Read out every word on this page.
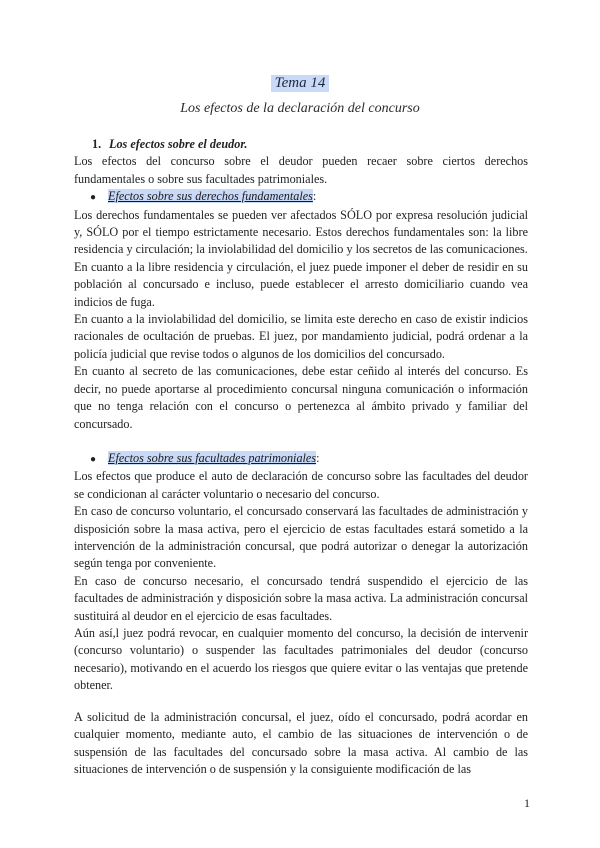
Tema 14
Los efectos de la declaración del concurso

1. Los efectos sobre el deudor.

Los efectos del concurso sobre el deudor pueden recaer sobre ciertos derechos fundamentales o sobre sus facultades patrimoniales.

● Efectos sobre sus derechos fundamentales:

Los derechos fundamentales se pueden ver afectados SÓLO por expresa resolución judicial y, SÓLO por el tiempo estrictamente necesario. Estos derechos fundamentales son: la libre residencia y circulación; la inviolabilidad del domicilio y los secretos de las comunicaciones.

En cuanto a la libre residencia y circulación, el juez puede imponer el deber de residir en su población al concursado e incluso, puede establecer el arresto domiciliario cuando vea indicios de fuga.

En cuanto a la inviolabilidad del domicilio, se limita este derecho en caso de existir indicios racionales de ocultación de pruebas. El juez, por mandamiento judicial, podrá ordenar a la policía judicial que revise todos o algunos de los domicilios del concursado.

En cuanto al secreto de las comunicaciones, debe estar ceñido al interés del concurso. Es decir, no puede aportarse al procedimiento concursal ninguna comunicación o información que no tenga relación con el concurso o pertenezca al ámbito privado y familiar del concursado.

● Efectos sobre sus facultades patrimoniales:

Los efectos que produce el auto de declaración de concurso sobre las facultades del deudor se condicionan al carácter voluntario o necesario del concurso.

En caso de concurso voluntario, el concursado conservará las facultades de administración y disposición sobre la masa activa, pero el ejercicio de estas facultades estará sometido a la intervención de la administración concursal, que podrá autorizar o denegar la autorización según tenga por conveniente.

En caso de concurso necesario, el concursado tendrá suspendido el ejercicio de las facultades de administración y disposición sobre la masa activa. La administración concursal sustituirá al deudor en el ejercicio de esas facultades.

Aún así,l juez podrá revocar, en cualquier momento del concurso, la decisión de intervenir (concurso voluntario) o suspender las facultades patrimoniales del deudor (concurso necesario), motivando en el acuerdo los riesgos que quiere evitar o las ventajas que pretende obtener.

A solicitud de la administración concursal, el juez, oído el concursado, podrá acordar en cualquier momento, mediante auto, el cambio de las situaciones de intervención o de suspensión de las facultades del concursado sobre la masa activa. Al cambio de las situaciones de intervención o de suspensión y la consiguiente modificación de las

1
